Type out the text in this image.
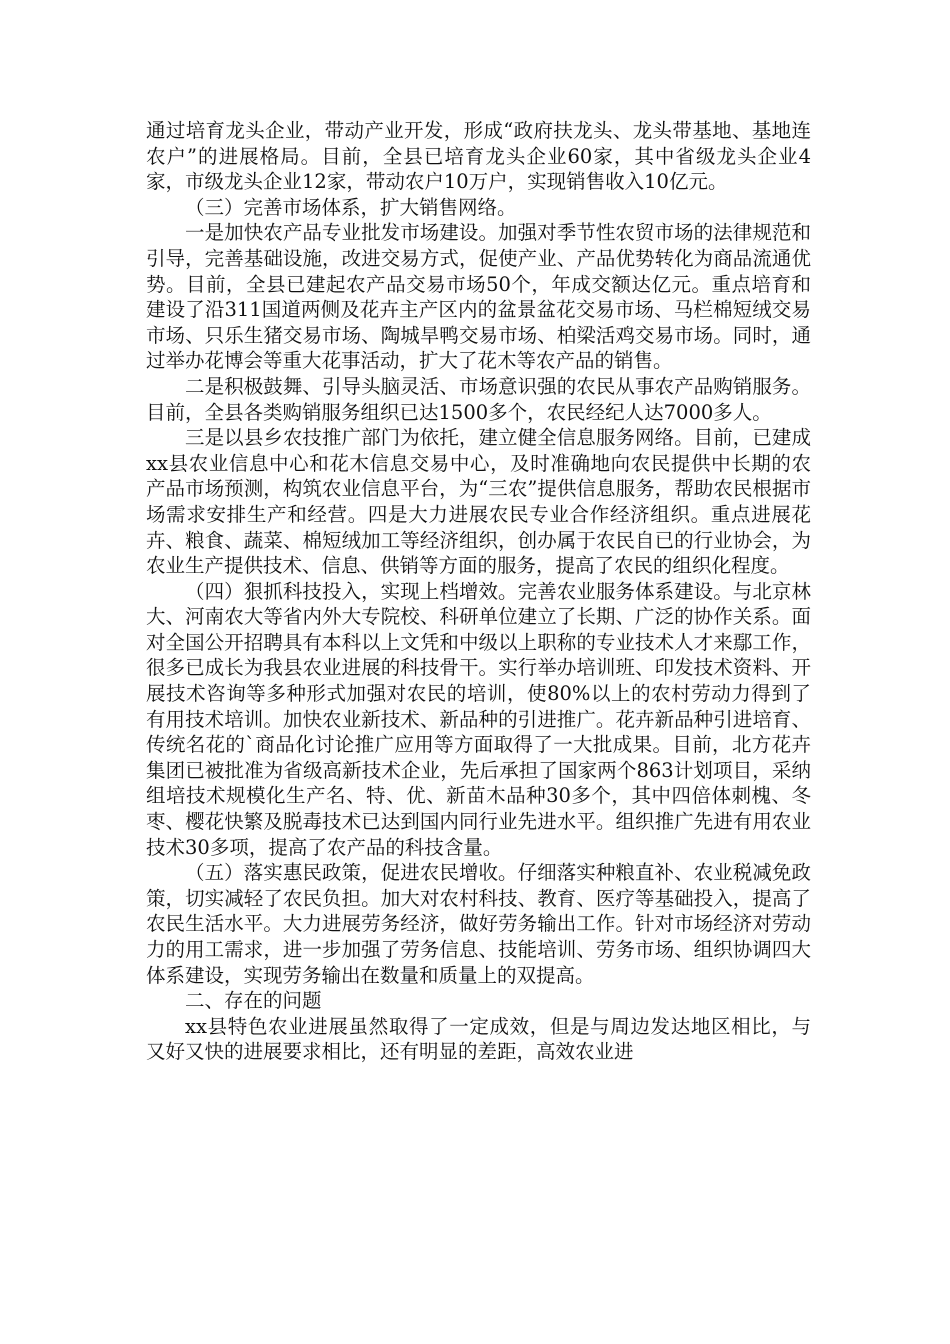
通过培育龙头企业，带动产业开发，形成“政府扶龙头、龙头带基地、基地连农户”的进展格局。目前，全县已培育龙头企业60家，其中省级龙头企业4家，市级龙头企业12家，带动农户10万户，实现销售收入10亿元。

（三）完善市场体系，扩大销售网络。

一是加快农产品专业批发市场建设。加强对季节性农贸市场的法律规范和引导，完善基础设施，改进交易方式，促使产业、产品优势转化为商品流通优势。目前，全县已建起农产品交易市场50个，年成交额达亿元。重点培育和建设了沿311国道两侧及花卉主产区内的盆景盆花交易市场、马栏棉短绒交易市场、只乐生猪交易市场、陶城旱鸭交易市场、柏梁活鸡交易市场。同时，通过举办花博会等重大花事活动，扩大了花木等农产品的销售。

二是积极鼓舞、引导头脑灵活、市场意识强的农民从事农产品购销服务。目前，全县各类购销服务组织已达1500多个，农民经纪人达7000多人。

三是以县乡农技推广部门为依托，建立健全信息服务网络。目前，已建成xx县农业信息中心和花木信息交易中心，及时准确地向农民提供中长期的农产品市场预测，构筑农业信息平台，为“三农”提供信息服务，帮助农民根据市场需求安排生产和经营。四是大力进展农民专业合作经济组织。重点进展花卉、粮食、蔬菜、棉短绒加工等经济组织，创办属于农民自已的行业协会，为农业生产提供技术、信息、供销等方面的服务，提高了农民的组织化程度。

（四）狠抓科技投入，实现上档增效。完善农业服务体系建设。与北京林大、河南农大等省内外大专院校、科研单位建立了长期、广泛的协作关系。面对全国公开招聘具有本科以上文凭和中级以上职称的专业技术人才来鄢工作，很多已成长为我县农业进展的科技骨干。实行举办培训班、印发技术资料、开展技术咨询等多种形式加强对农民的培训，使80%以上的农村劳动力得到了有用技术培训。加快农业新技术、新品种的引进推广。花卉新品种引进培育、传统名花的`商品化讨论推广应用等方面取得了一大批成果。目前，北方花卉集团已被批准为省级高新技术企业，先后承担了国家两个863计划项目，采纳组培技术规模化生产名、特、优、新苗木品种30多个，其中四倍体刺槐、冬枣、樱花快繁及脱毒技术已达到国内同行业先进水平。组织推广先进有用农业技术30多项，提高了农产品的科技含量。

（五）落实惠民政策，促进农民增收。仔细落实种粮直补、农业税减免政策，切实减轻了农民负担。加大对农村科技、教育、医疗等基础投入，提高了农民生活水平。大力进展劳务经济，做好劳务输出工作。针对市场经济对劳动力的用工需求，进一步加强了劳务信息、技能培训、劳务市场、组织协调四大体系建设，实现劳务输出在数量和质量上的双提高。

二、存在的问题

xx县特色农业进展虽然取得了一定成效，但是与周边发达地区相比，与又好又快的进展要求相比，还有明显的差距，高效农业进
